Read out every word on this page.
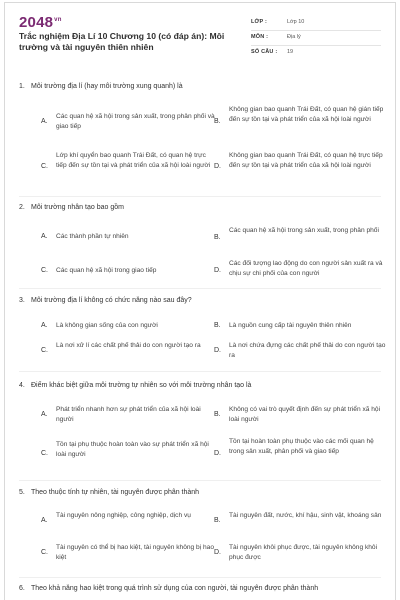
$2048^{vn}$
Trắc nghiệm Địa Lí 10 Chương 10 (có đáp án): Môi trường và tài nguyên thiên nhiên
LỚP :	Lớp 10
MÔN :	Địa lý
SỐ CÂU : 19
1. Môi trường địa lí (hay môi trường xung quanh) là
A.
Các quan hệ xã hội trong sản xuất, trong phân phối và giao tiếp
B.
Không gian bao quanh Trái Đất, có quan hệ gián tiếp đến sự tồn tại và phát triển của xã hội loài người
C.
Lớp khí quyển bao quanh Trái Đất, có quan hệ trực tiếp đến sự tồn tại và phát triển của xã hội loài người D.
Không gian bao quanh Trái Đất, có quan hệ trực tiếp đến sự tồn tại và phát triển của xã hội loài người
2. Môi trường nhân tạo bao gồm
A. Các thành phần tự nhiên	B.
Các quan hệ xã hội trong sản xuất, trong phân phối
C. Các quan hệ xã hội trong giao tiếp	D.
Các đối tượng lao động do con người sản xuất ra và chịu sự chi phối của con người
3. Môi trường địa lí không có chức năng nào sau đây?
A. Là không gian sống của con người	B. Là nguồn cung cấp tài nguyên thiên nhiên
C.
Là nơi xử lí các chất phế thải do con người tạo ra
D.
Là nơi chứa đựng các chất phế thải do con người tạo ra
4. Điểm khác biệt giữa môi trường tự nhiên so với môi trường nhân tạo là
A.
Phát triển nhanh hơn sự phát triển của xã hội loài người
B.
Không có vai trò quyết định đến sự phát triển xã hội loài người
C.
Tồn tại phụ thuộc hoàn toàn vào sự phát triển xã hội loài người	D.
Tồn tại hoàn toàn phụ thuộc vào các mối quan hệ trong sản xuất, phân phối và giao tiếp
5. Theo thuộc tính tự nhiên, tài nguyên được phân thành
A.
Tài nguyên nông nghiệp, công nghiệp, dịch vụ
B.
Tài nguyên đất, nước, khí hậu, sinh vật, khoáng sản
C.
Tài nguyên có thể bị hao kiệt, tài nguyên không bị hao kiệt
D.
Tài nguyên khôi phục được, tài nguyên không khôi phục được
6. Theo khả năng hao kiệt trong quá trình sử dụng của con người, tài nguyên được phân thành
